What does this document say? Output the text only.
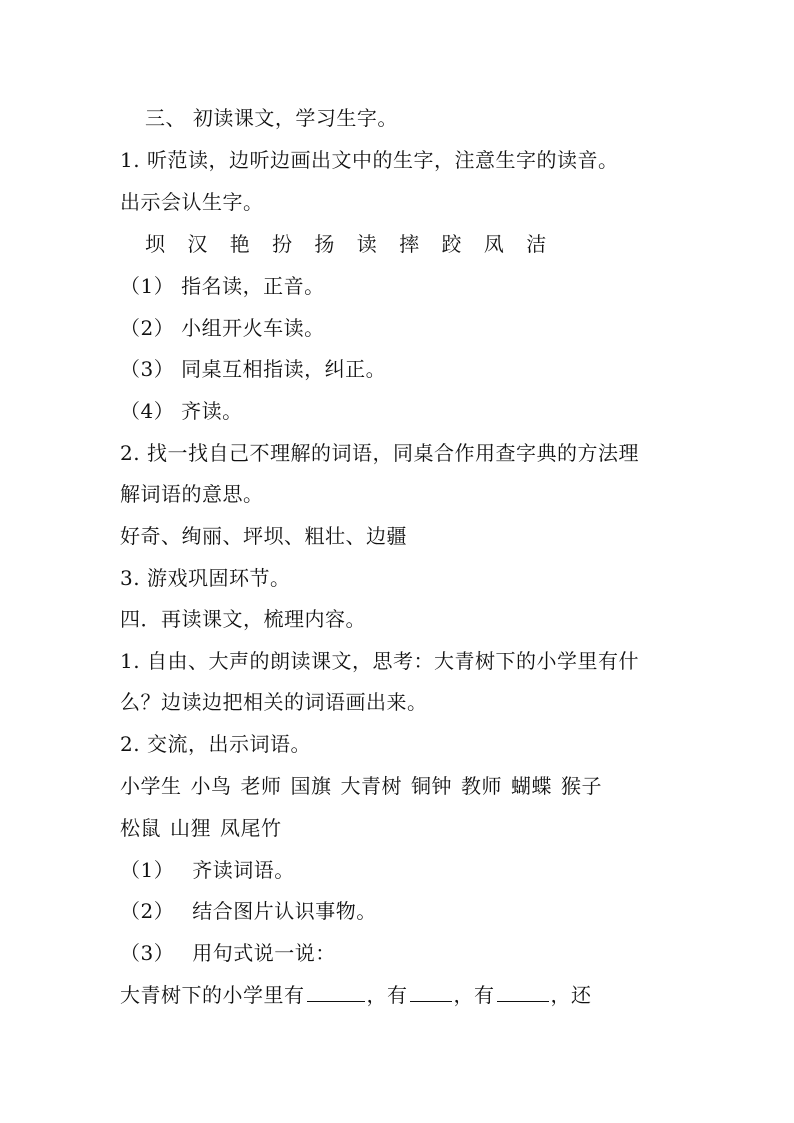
三、 初读课文，学习生字。
1. 听范读，边听边画出文中的生字，注意生字的读音。
出示会认生字。
坝 汉 艳 扮 扬 读 摔 跤 凤 洁
（1） 指名读，正音。
（2） 小组开火车读。
（3） 同桌互相指读，纠正。
（4） 齐读。
2. 找一找自己不理解的词语，同桌合作用查字典的方法理
解词语的意思。
好奇、绚丽、坪坝、粗壮、边疆
3. 游戏巩固环节。
四．再读课文，梳理内容。
1. 自由、大声的朗读课文，思考：大青树下的小学里有什
么？边读边把相关的词语画出来。
2. 交流，出示词语。
小学生 小鸟 老师 国旗 大青树 铜钟 教师 蝴蝶 猴子
松鼠 山狸 凤尾竹
（1） 齐读词语。
（2） 结合图片认识事物。
（3） 用句式说一说：
大青树下的小学里有	，有 ，有	，还
